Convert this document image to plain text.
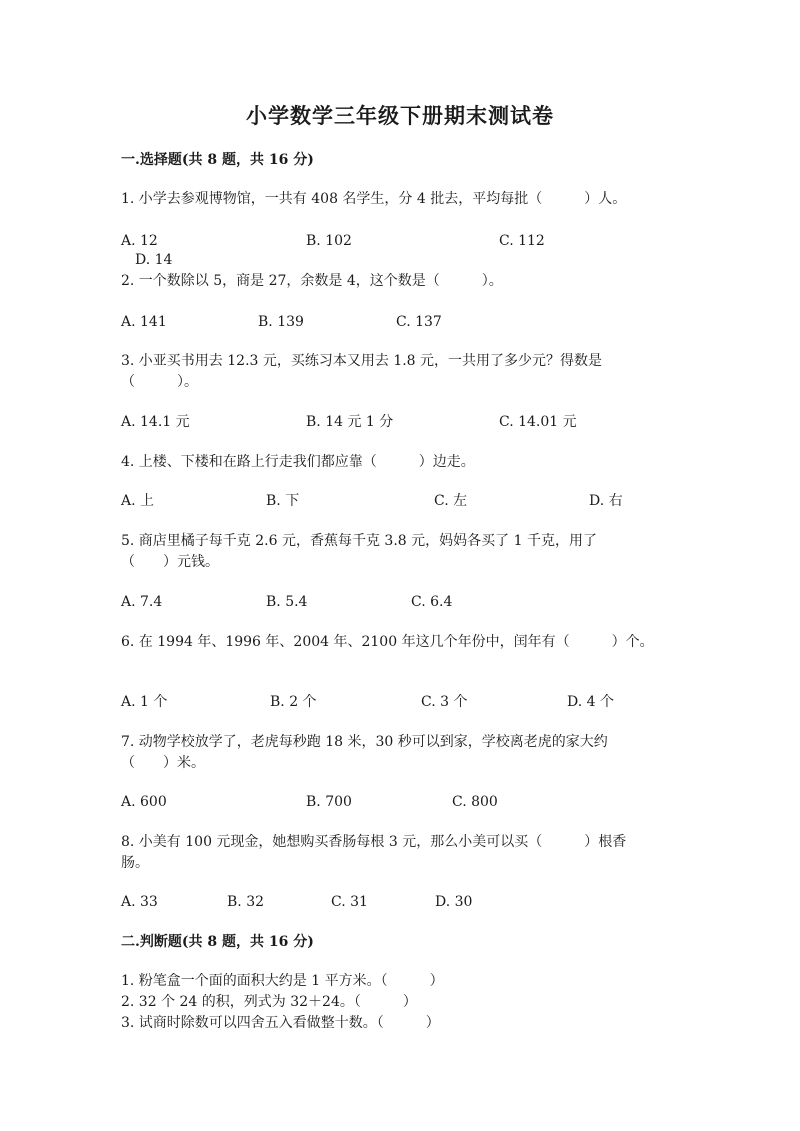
小学数学三年级下册期末测试卷
一.选择题(共 8 题，共 16 分)
1. 小学去参观博物馆，一共有 408 名学生，分 4 批去，平均每批（　　　）人。
A. 12	B. 102	C. 112
D. 14
2. 一个数除以 5，商是 27，余数是 4，这个数是（　　　）。
A. 141	B. 139	C. 137
3. 小亚买书用去 12.3 元，买练习本又用去 1.8 元，一共用了多少元？得数是
（　　　）。
A. 14.1 元	B. 14 元 1 分	C. 14.01 元
4. 上楼、下楼和在路上行走我们都应靠（　　　）边走。
A. 上	B. 下	C. 左	D. 右
5. 商店里橘子每千克 2.6 元，香蕉每千克 3.8 元，妈妈各买了 1 千克，用了
（　　）元钱。
A. 7.4	B. 5.4	C. 6.4
6. 在 1994 年、1996 年、2004 年、2100 年这几个年份中，闰年有（　　　）个。
A. 1 个	B. 2 个	C. 3 个	D. 4 个
7. 动物学校放学了，老虎每秒跑 18 米，30 秒可以到家，学校离老虎的家大约
（　　）米。
A. 600	B. 700	C. 800
8. 小美有 100 元现金，她想购买香肠每根 3 元，那么小美可以买（　　　）根香
肠。
A. 33	B. 32	C. 31	D. 30
二.判断题(共 8 题，共 16 分)
1. 粉笔盒一个面的面积大约是 1 平方米。（　　　）
2. 32 个 24 的积，列式为 32＋24。（　　　）
3. 试商时除数可以四舍五入看做整十数。（　　　）
